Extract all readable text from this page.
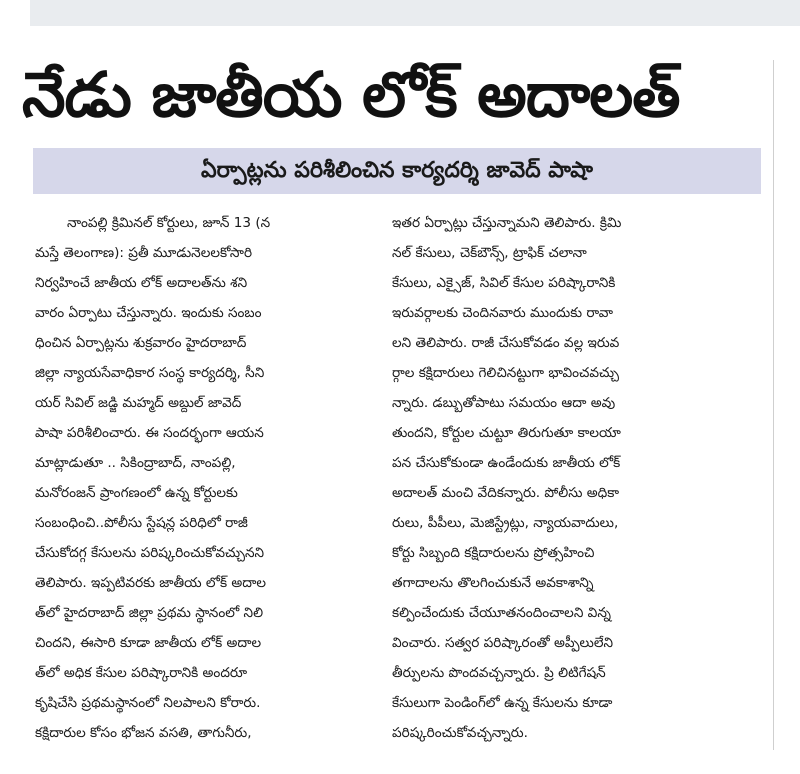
నేడు జాతీయ లోక్ అదాలత్
ఏర్పాట్లను పరిశీలించిన కార్యదర్శి జావెద్ పాషా
నాంపల్లి క్రిమినల్ కోర్టులు, జూన్ 13 (న
మస్తే తెలంగాణ): ప్రతీ మూడునెలలకోసారి
నిర్వహించే జాతీయ లోక్ అదాలత్‌ను శని
వారం ఏర్పాటు చేస్తున్నారు. ఇందుకు సంబం
ధించిన ఏర్పాట్లను శుక్రవారం హైదరాబాద్
జిల్లా న్యాయసేవాధికార సంస్థ కార్యదర్శి, సీని
యర్ సివిల్ జడ్జి మహ్మద్ అబ్దుల్ జావెద్
పాషా పరిశీలించారు. ఈ సందర్భంగా ఆయన
మాట్లాడుతూ .. సికింద్రాబాద్, నాంపల్లి,
మనోరంజన్ ప్రాంగణంలో ఉన్న కోర్టులకు
సంబంధించి..పోలీసు స్టేషన్ల పరిధిలో రాజీ
చేసుకోదగ్గ కేసులను పరిష్కరించుకోవచ్చునని
తెలిపారు. ఇప్పటివరకు జాతీయ లోక్ అదాల
త్‌లో హైదరాబాద్ జిల్లా ప్రథమ స్థానంలో నిలి
చిందని, ఈసారి కూడా జాతీయ లోక్ అదాల
త్‌లో అధిక కేసుల పరిష్కారానికి అందరూ
కృషిచేసి ప్రథమస్థానంలో నిలపాలని కోరారు.
కక్షిదారుల కోసం భోజన వసతి, తాగునీరు,
ఇతర ఏర్పాట్లు చేస్తున్నామని తెలిపారు. క్రిమి
నల్ కేసులు, చెక్‌బౌన్స్, ట్రాఫిక్ చలానా
కేసులు, ఎక్సైజ్, సివిల్ కేసుల పరిష్కారానికి
ఇరువర్గాలకు చెందినవారు ముందుకు రావా
లని తెలిపారు. రాజీ చేసుకోవడం వల్ల ఇరువ
ర్గాల కక్షిదారులు గెలిచినట్టుగా భావించవచ్చు
న్నారు. డబ్బుతోపాటు సమయం ఆదా అవు
తుందని, కోర్టుల చుట్టూ తిరుగుతూ కాలయా
పన చేసుకోకుండా ఉండేందుకు జాతీయ లోక్
అదాలత్ మంచి వేదికన్నారు. పోలీసు అధికా
రులు, పీపీలు, మెజిస్ట్రేట్లు, న్యాయవాదులు,
కోర్టు సిబ్బంది కక్షిదారులను ప్రోత్సహించి
తగాదాలను తొలగించుకునే అవకాశాన్ని
కల్పించేందుకు చేయూతనందించాలని విన్న
వించారు. సత్వర పరిష్కారంతో అప్పీలులేని
తీర్పులను పొందవచ్చన్నారు. ప్రి లిటిగేషన్
కేసులుగా పెండింగ్‌లో ఉన్న కేసులను కూడా
పరిష్కరించుకోవచ్చన్నారు.
